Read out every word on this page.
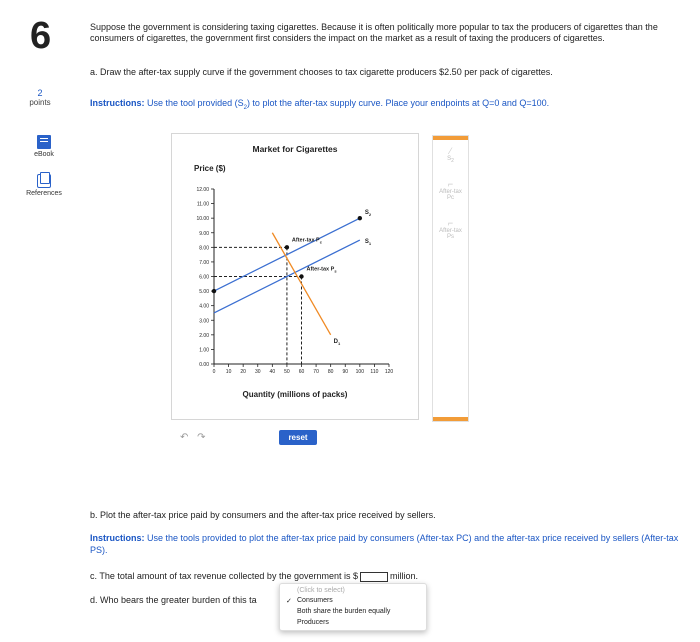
6
2
points
eBook
References
Suppose the government is considering taxing cigarettes. Because it is often politically more popular to tax the producers of cigarettes than the consumers of cigarettes, the government first considers the impact on the market as a result of taxing the producers of cigarettes.
a. Draw the after-tax supply curve if the government chooses to tax cigarette producers $2.50 per pack of cigarettes.
Instructions: Use the tool provided $(S_2)$ to plot the after-tax supply curve. Place your endpoints at Q=0 and Q=100.
Market for Cigarettes
Price ($)
0.00
1.00
2.00
3.00
4.00
5.00
6.00
7.00
8.00
9.00
10.00
11.00
12.00
0 10 20 30 40 50 60 70 80 90 100 110 120
$S_1$
$S_2$
$D_1$
After-tax $P_c$
After-tax $P_s$
Quantity (millions of packs)
⁄
$S_2$
⌐
After-tax
Pc
⌐
After-tax
Ps
↶ ↷	reset
b. Plot the after-tax price paid by consumers and the after-tax price received by sellers.
Instructions: Use the tools provided to plot the after-tax price paid by consumers (After-tax PC) and the after-tax price received by sellers (After-tax PS).
c. The total amount of tax revenue collected by the government is $	million.
d. Who bears the greater burden of this ta
(Click to select)
✓ Consumers
Both share the burden equally
Producers
